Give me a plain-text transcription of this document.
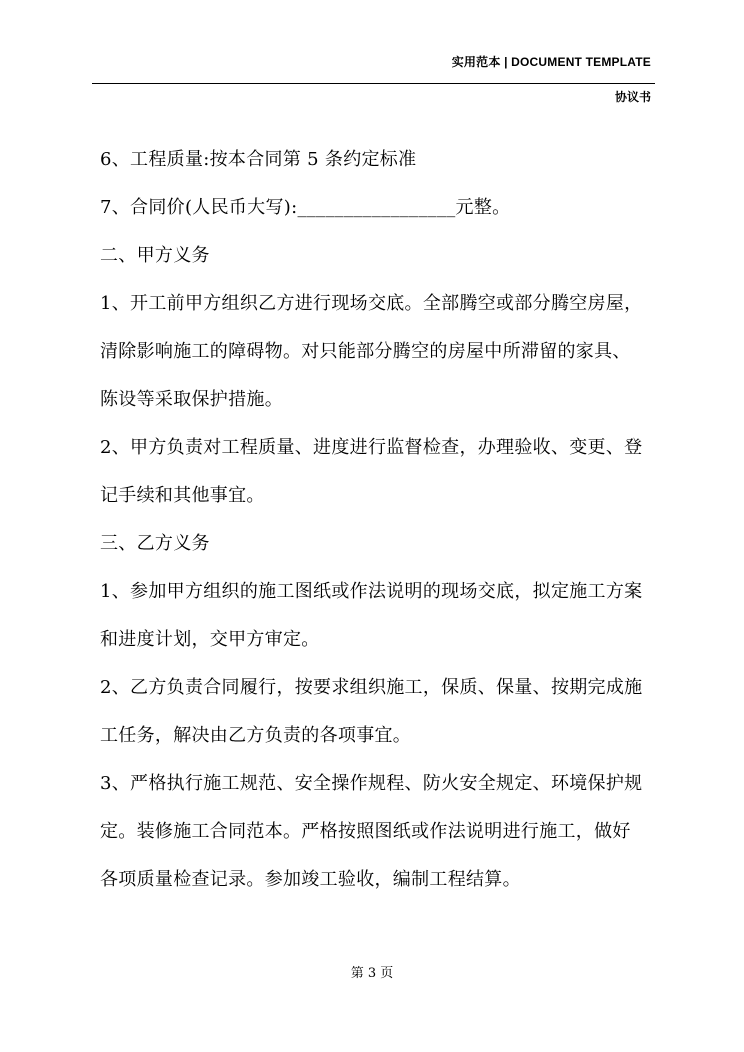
实用范本 | DOCUMENT TEMPLATE
协议书
6、工程质量:按本合同第 5 条约定标准
7、合同价(人民币大写):_________________元整。
二、甲方义务
1、开工前甲方组织乙方进行现场交底。全部腾空或部分腾空房屋，
清除影响施工的障碍物。对只能部分腾空的房屋中所滞留的家具、
陈设等采取保护措施。
2、甲方负责对工程质量、进度进行监督检查，办理验收、变更、登
记手续和其他事宜。
三、乙方义务
1、参加甲方组织的施工图纸或作法说明的现场交底，拟定施工方案
和进度计划，交甲方审定。
2、乙方负责合同履行，按要求组织施工，保质、保量、按期完成施
工任务，解决由乙方负责的各项事宜。
3、严格执行施工规范、安全操作规程、防火安全规定、环境保护规
定。装修施工合同范本。严格按照图纸或作法说明进行施工，做好
各项质量检查记录。参加竣工验收，编制工程结算。
第 3 页
